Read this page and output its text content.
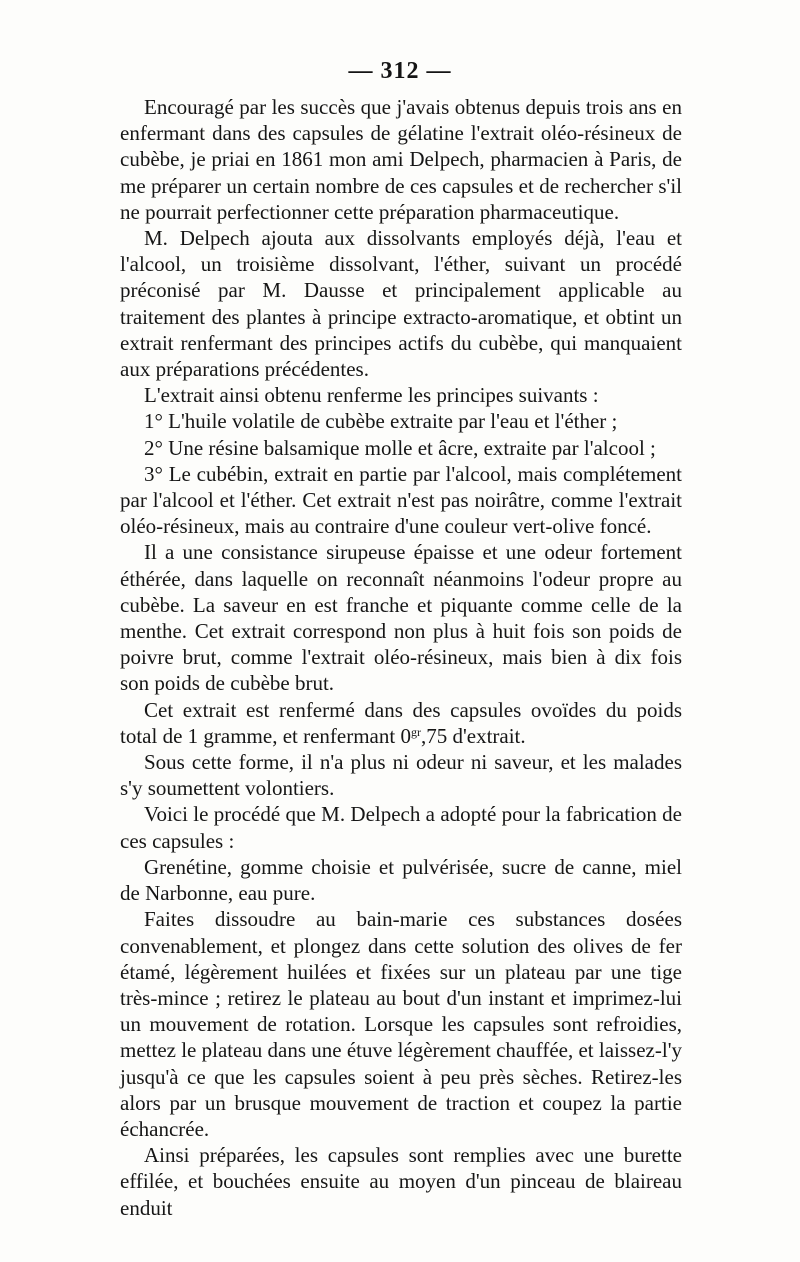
— 312 —

Encouragé par les succès que j'avais obtenus depuis trois ans en enfermant dans des capsules de gélatine l'extrait oléo-résineux de cubèbe, je priai en 1861 mon ami Delpech, pharmacien à Paris, de me préparer un certain nombre de ces capsules et de rechercher s'il ne pourrait perfectionner cette préparation pharmaceutique.

M. Delpech ajouta aux dissolvants employés déjà, l'eau et l'alcool, un troisième dissolvant, l'éther, suivant un procédé préconisé par M. Dausse et principalement applicable au traitement des plantes à principe extracto-aromatique, et obtint un extrait renfermant des principes actifs du cubèbe, qui manquaient aux préparations précédentes.

L'extrait ainsi obtenu renferme les principes suivants :

1° L'huile volatile de cubèbe extraite par l'eau et l'éther ;

2° Une résine balsamique molle et âcre, extraite par l'alcool ;

3° Le cubébin, extrait en partie par l'alcool, mais complétement par l'alcool et l'éther. Cet extrait n'est pas noirâtre, comme l'extrait oléo-résineux, mais au contraire d'une couleur vert-olive foncé.

Il a une consistance sirupeuse épaisse et une odeur fortement éthérée, dans laquelle on reconnaît néanmoins l'odeur propre au cubèbe. La saveur en est franche et piquante comme celle de la menthe. Cet extrait correspond non plus à huit fois son poids de poivre brut, comme l'extrait oléo-résineux, mais bien à dix fois son poids de cubèbe brut.

Cet extrait est renfermé dans des capsules ovoïdes du poids total de 1 gramme, et renfermant $0^{gr},75$ d'extrait.

Sous cette forme, il n'a plus ni odeur ni saveur, et les malades s'y soumettent volontiers.

Voici le procédé que M. Delpech a adopté pour la fabrication de ces capsules :

Grenétine, gomme choisie et pulvérisée, sucre de canne, miel de Narbonne, eau pure.

Faites dissoudre au bain-marie ces substances dosées convenablement, et plongez dans cette solution des olives de fer étamé, légèrement huilées et fixées sur un plateau par une tige très-mince ; retirez le plateau au bout d'un instant et imprimez-lui un mouvement de rotation. Lorsque les capsules sont refroidies, mettez le plateau dans une étuve légèrement chauffée, et laissez-l'y jusqu'à ce que les capsules soient à peu près sèches. Retirez-les alors par un brusque mouvement de traction et coupez la partie échancrée.

Ainsi préparées, les capsules sont remplies avec une burette effilée, et bouchées ensuite au moyen d'un pinceau de blaireau enduit
